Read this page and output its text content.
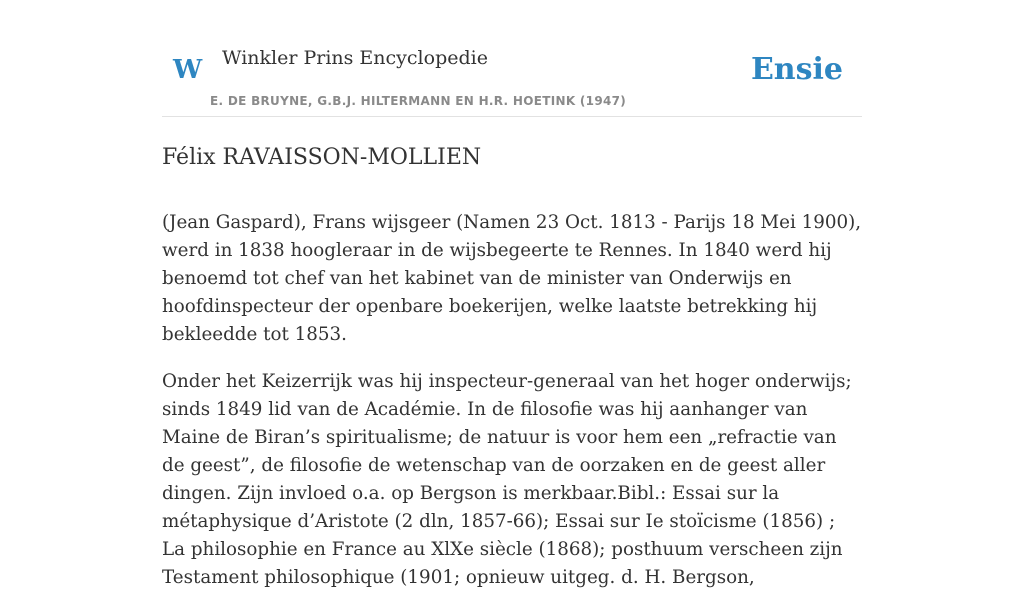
W Winkler Prins Encyclopedie
E. DE BRUYNE, G.B.J. HILTERMANN EN H.R. HOETINK (1947)
Ensie
Félix RAVAISSON-MOLLIEN

(Jean Gaspard), Frans wijsgeer (Namen 23 Oct. 1813 - Parijs 18 Mei 1900), werd in 1838 hoogleraar in de wijsbegeerte te Rennes. In 1840 werd hij benoemd tot chef van het kabinet van de minister van Onderwijs en hoofdinspecteur der openbare boekerijen, welke laatste betrekking hij bekleedde tot 1853.

Onder het Keizerrijk was hij inspecteur-generaal van het hoger onderwijs; sinds 1849 lid van de Académie. In de filosofie was hij aanhanger van Maine de Biran’s spiritualisme; de natuur is voor hem een „refractie van de geest”, de filosofie de wetenschap van de oorzaken en de geest aller dingen. Zijn invloed o.a. op Bergson is merkbaar.Bibl.: Essai sur la métaphysique d’Aristote (2 dln, 1857-66); Essai sur Ie stoïcisme (1856) ; La philosophie en France au XlXe siècle (1868); posthuum verscheen zijn Testament philosophique (1901; opnieuw uitgeg. d. H. Bergson,
